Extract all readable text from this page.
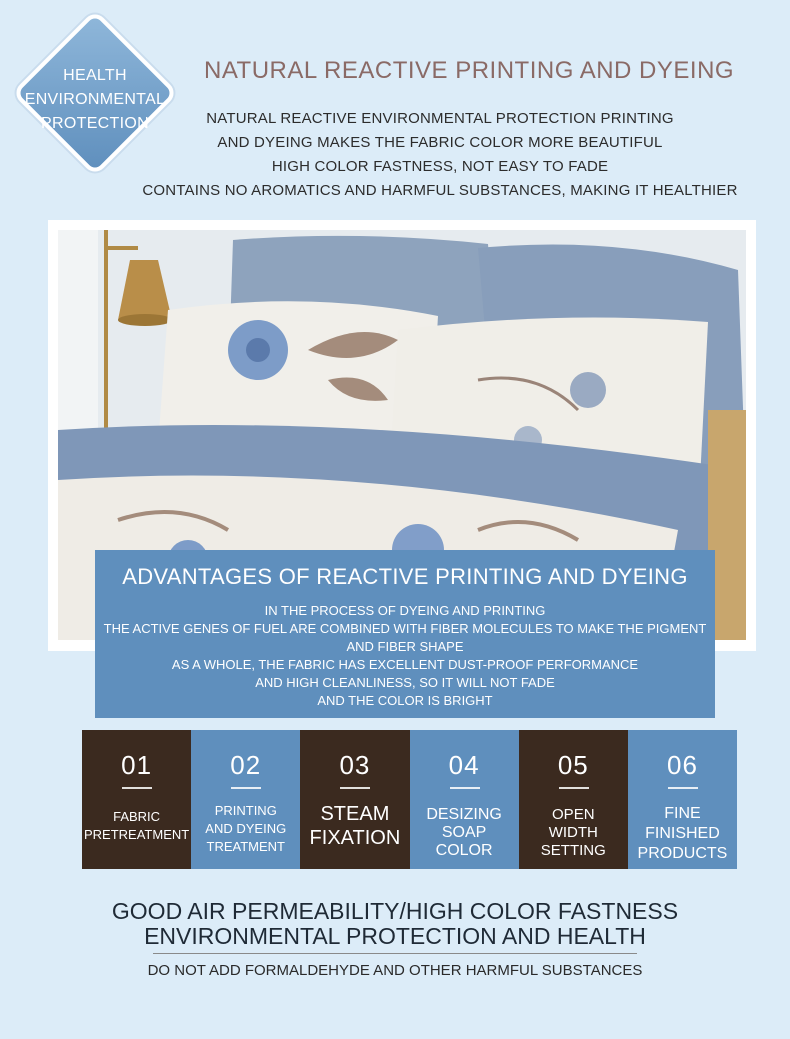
HEALTH
ENVIRONMENTAL
PROTECTION
NATURAL REACTIVE PRINTING AND DYEING
NATURAL REACTIVE ENVIRONMENTAL PROTECTION PRINTING
AND DYEING MAKES THE FABRIC COLOR MORE BEAUTIFUL
HIGH COLOR FASTNESS, NOT EASY TO FADE
CONTAINS NO AROMATICS AND HARMFUL SUBSTANCES, MAKING IT HEALTHIER
ADVANTAGES OF REACTIVE PRINTING AND DYEING
IN THE PROCESS OF DYEING AND PRINTING
THE ACTIVE GENES OF FUEL ARE COMBINED WITH FIBER MOLECULES TO MAKE THE PIGMENT
AND FIBER SHAPE
AS A WHOLE, THE FABRIC HAS EXCELLENT DUST-PROOF PERFORMANCE
AND HIGH CLEANLINESS, SO IT WILL NOT FADE
AND THE COLOR IS BRIGHT
01
FABRIC
PRETREATMENT
02
PRINTING
AND DYEING
TREATMENT
03
STEAM
FIXATION
04
DESIZING
SOAP
COLOR
05
OPEN
WIDTH
SETTING
06
FINE
FINISHED
PRODUCTS
GOOD AIR PERMEABILITY/HIGH COLOR FASTNESS
ENVIRONMENTAL PROTECTION AND HEALTH
DO NOT ADD FORMALDEHYDE AND OTHER HARMFUL SUBSTANCES
